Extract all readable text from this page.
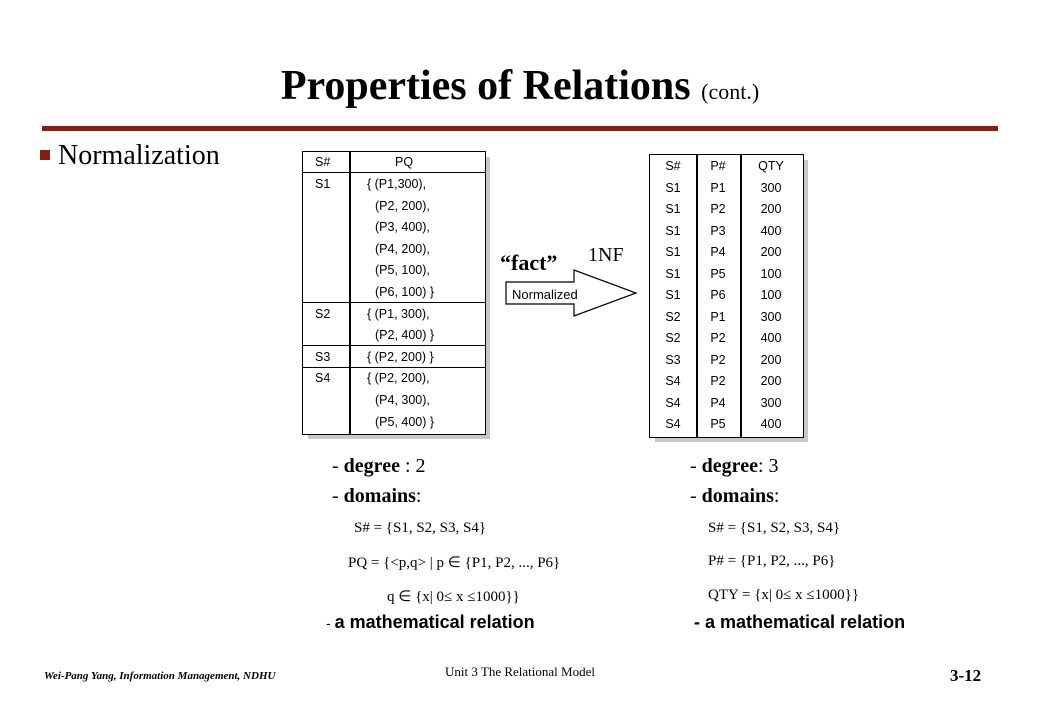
Properties of Relations (cont.)
Normalization	S#	PQ
S1	{ (P1,300),
(P2, 200),
(P3, 400),
(P4, 200),
(P5, 100),
(P6, 100) }
S2	{ (P1, 300),
(P2, 400) }
S3	{ (P2, 200) }
S4	{ (P2, 200),
(P4, 300),
(P5, 400) }
Normalized
“fact” 1NF
S#	P#	QTY
S1	P1	300
S1	P2	200
S1	P3	400
S1	P4	200
S1	P5	100
S1	P6	100
S2	P1	300
S2	P2	400
S3	P2	200
S4	P2	200
S4	P4	300
S4	P5	400
- degree : 2
- domains:
S# = {S1, S2, S3, S4}
PQ = {<p,q> | p ∈ {P1, P2, ..., P6}
q ∈ {x| 0≤ x ≤1000}}
- a mathematical relation
- degree: 3
- domains:
S# = {S1, S2, S3, S4}
P# = {P1, P2, ..., P6}
QTY = {x| 0≤ x ≤1000}}
- a mathematical relation
Wei-Pang Yang, Information Management, NDHU	Unit 3 The Relational Model	3-12
